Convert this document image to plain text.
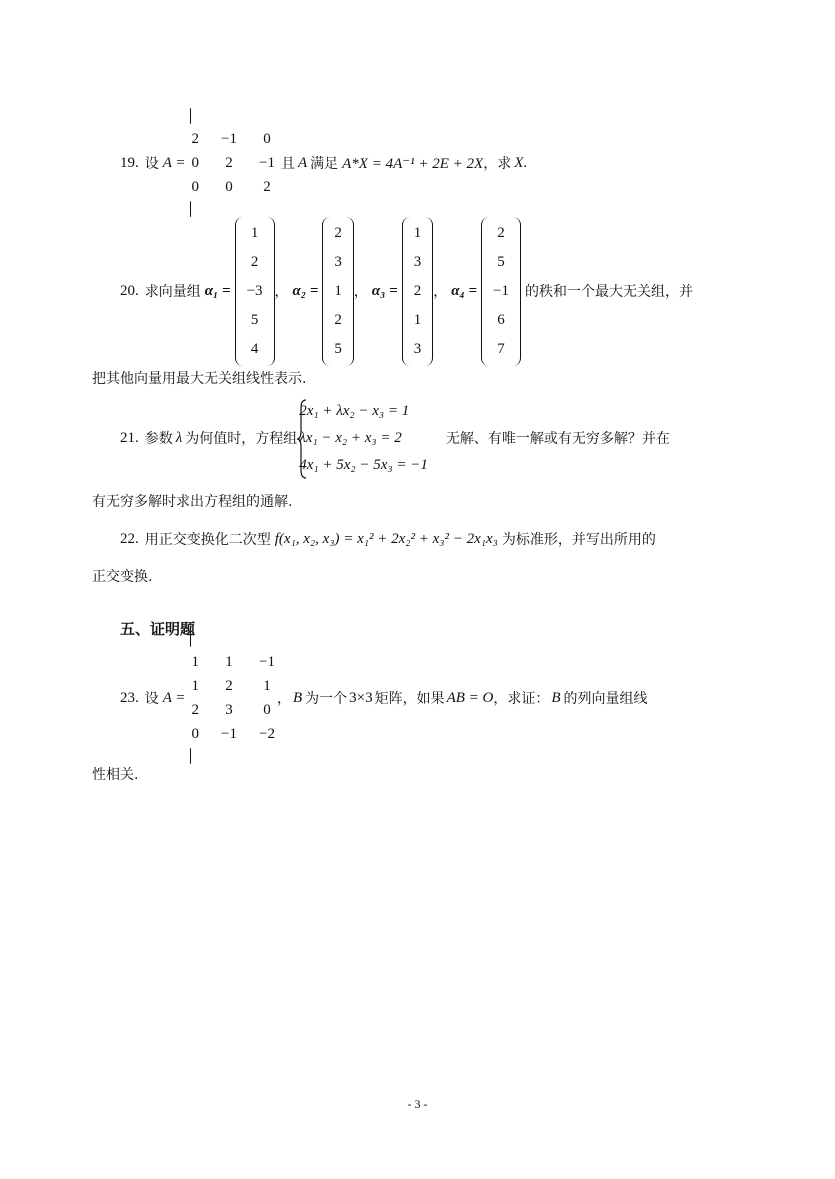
19. 设 A =
2 −1 0
0 2 −1
0 0 2
且 A 满足 A*X = 4A⁻¹ + 2E + 2X ，求 X .
20. 求向量组 α₁ =
1
2
−3
5
4
， α₂ =
2
3
1
2
5
， α₃ =
1
3
2
1
3
， α₄ =
2
5
−1
6
7
的秩和一个最大无关组，并
把其他向量用最大无关组线性表示.
21. 参数 λ 为何值时，方程组
2x₁ + λx₂ − x₃ = 1
λx₁ − x₂ + x₃ = 2
4x₁ + 5x₂ − 5x₃ = −1
无解、有唯一解或有无穷多解？并在
有无穷多解时求出方程组的通解.
22. 用正交变换化二次型 f(x₁, x₂, x₃) = x₁² + 2x₂² + x₃² − 2x₁x₃ 为标准形，并写出所用的
正交变换.
五、证明题
23. 设 A =
1 1 −1
1 2 1
2 3 0
0 −1 −2
， B 为一个 3×3 矩阵，如果 AB = O ，求证： B 的列向量组线
性相关.
- 3 -
